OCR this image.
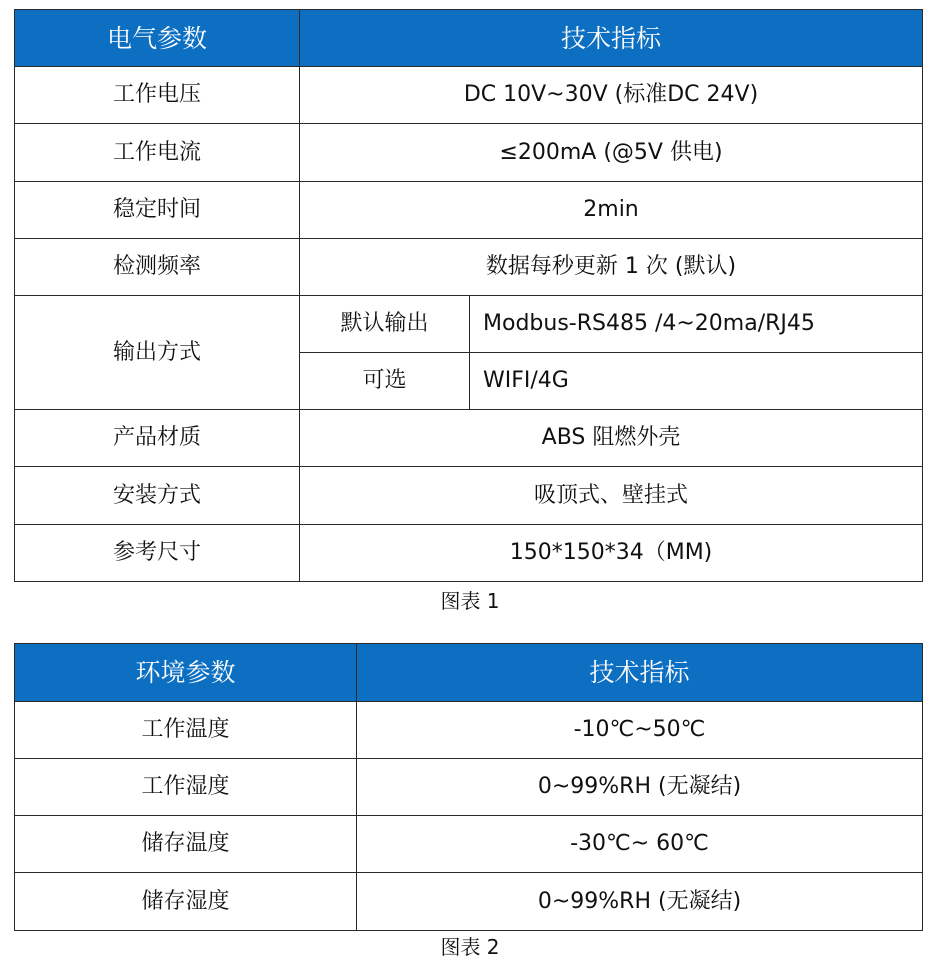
电气参数	技术指标	
工作电压	DC 10V~30V (标准DC 24V)	
工作电流	≤200mA (@5V 供电)	
稳定时间	2min	
检测频率	数据每秒更新 1 次 (默认)	
输出方式	默认输出	Modbus-RS485 /4~20ma/RJ45
	可选	WIFI/4G
产品材质	ABS 阻燃外壳	
安装方式	吸顶式、壁挂式	
参考尺寸	150*150*34（MM)	
图表 1
环境参数	技术指标
工作温度	-10℃~50℃
工作湿度	0~99%RH (无凝结)
储存温度	-30℃~ 60℃
储存湿度	0~99%RH (无凝结)
图表 2
